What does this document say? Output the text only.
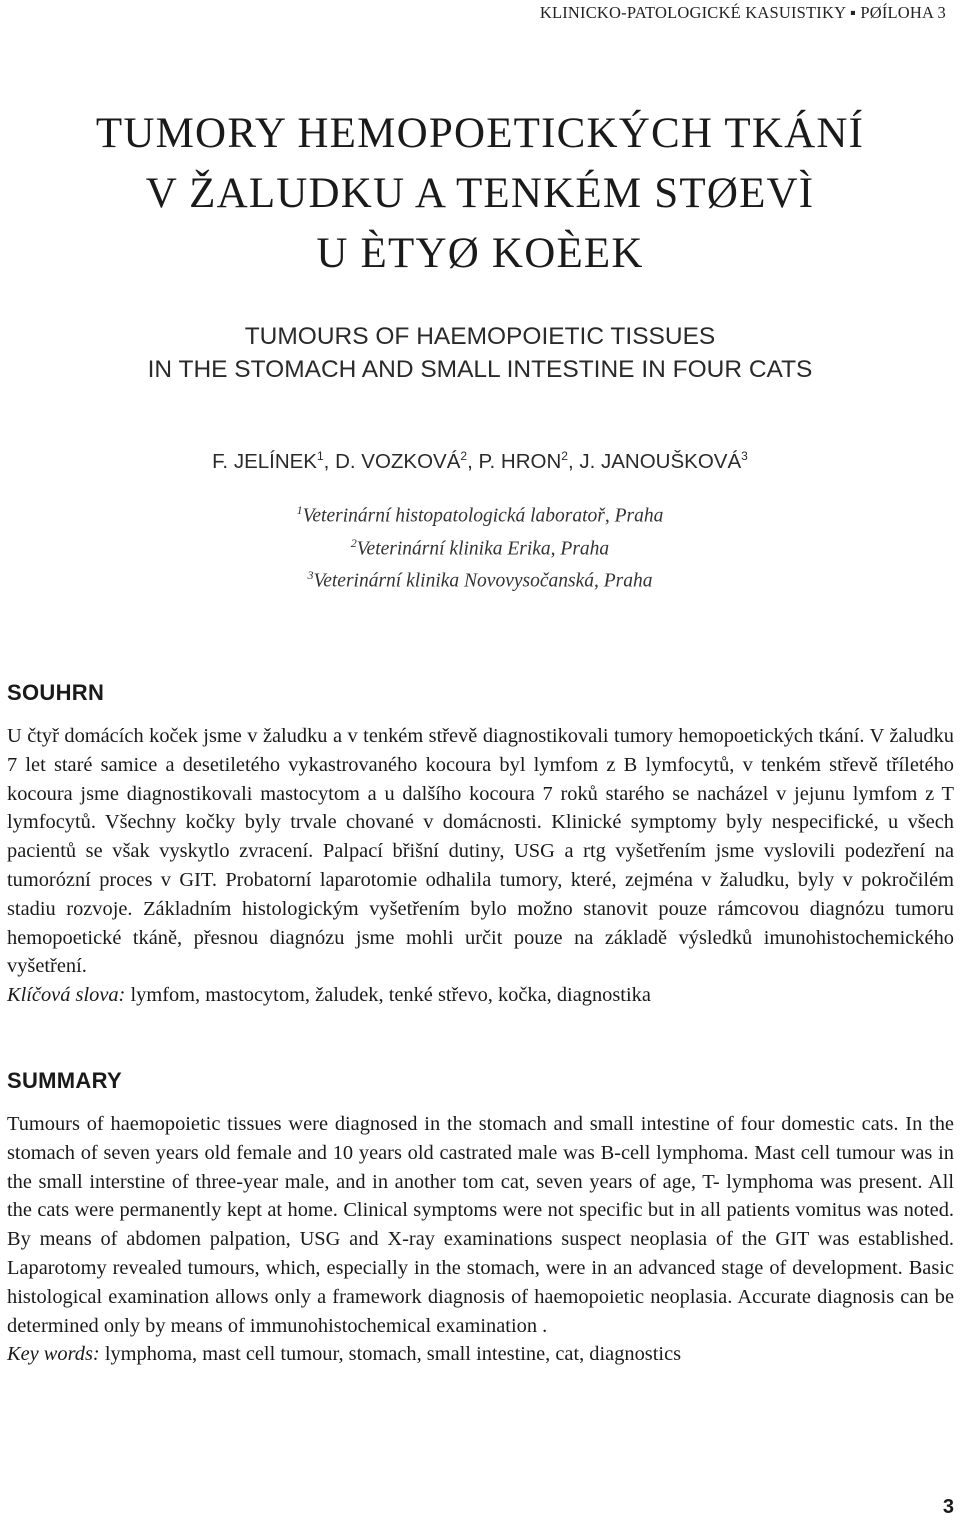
KLINICKO-PATOLOGICKÉ KASUISTIKY ▪ PØÍLOHA 3
TUMORY HEMOPOETICKÝCH TKÁNÍ
V ŽALUDKU A TENKÉM STØEVÌ
U ÈTYØ KOÈEK
TUMOURS OF HAEMOPOIETIC TISSUES
IN THE STOMACH AND SMALL INTESTINE IN FOUR CATS
F. JELÍNEK$^1$, D. VOZKOVÁ$^2$, P. HRON$^2$, J. JANOUŠKOVÁ$^3$
$^1$Veterinární histopatologická laboratoř, Praha
$^2$Veterinární klinika Erika, Praha
$^3$Veterinární klinika Novovysočanská, Praha
SOUHRN

U čtyř domácích koček jsme v žaludku a v tenkém střevě diagnostikovali tumory hemopoetických tkání. V žaludku 7 let staré samice a desetiletého vykastrovaného kocoura byl lymfom z B lymfocytů, v tenkém střevě tříletého kocoura jsme diagnostikovali mastocytom a u dalšího kocoura 7 roků starého se nacházel v jejunu lymfom z T lymfocytů. Všechny kočky byly trvale chované v domácnosti. Klinické symptomy byly nespecifické, u všech pacientů se však vyskytlo zvracení. Palpací břišní dutiny, USG a rtg vyšetřením jsme vyslovili podezření na tumorózní proces v GIT. Probatorní laparotomie odhalila tumory, které, zejména v žaludku, byly v pokročilém stadiu rozvoje. Základním histologickým vyšetřením bylo možno stanovit pouze rámcovou diagnózu tumoru hemopoetické tkáně, přesnou diagnózu jsme mohli určit pouze na základě výsledků imunohistochemického vyšetření.

Klíčová slova: lymfom, mastocytom, žaludek, tenké střevo, kočka, diagnostika

SUMMARY

Tumours of haemopoietic tissues were diagnosed in the stomach and small intestine of four domestic cats. In the stomach of seven years old female and 10 years old castrated male was B-cell lymphoma. Mast cell tumour was in the small interstine of three-year male, and in another tom cat, seven years of age, T- lymphoma was present. All the cats were permanently kept at home. Clinical symptoms were not specific but in all patients vomitus was noted. By means of abdomen palpation, USG and X-ray examinations suspect neoplasia of the GIT was established. Laparotomy revealed tumours, which, especially in the stomach, were in an advanced stage of development. Basic histological examination allows only a framework diagnosis of haemopoietic neoplasia. Accurate diagnosis can be determined only by means of immunohistochemical examination .

Key words: lymphoma, mast cell tumour, stomach, small intestine, cat, diagnostics

3
